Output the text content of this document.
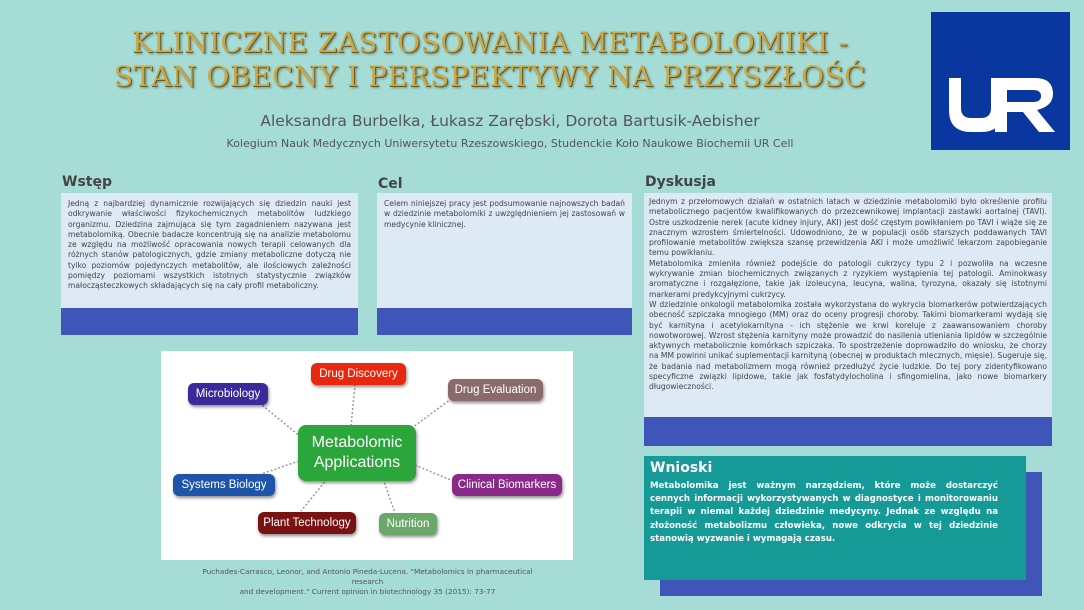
KLINICZNE ZASTOSOWANIA METABOLOMIKI -
STAN OBECNY I PERSPEKTYWY NA PRZYSZŁOŚĆ
Aleksandra Burbelka, Łukasz Zarębski, Dorota Bartusik-Aebisher
Kolegium Nauk Medycznych Uniwersytetu Rzeszowskiego, Studenckie Koło Naukowe Biochemii UR Cell
Wstęp

Jedną z najbardziej dynamicznie rozwijających się dziedzin nauki jest odkrywanie właściwości fizykochemicznych metabolitów ludzkiego organizmu. Dziedzina zajmująca się tym zagadnieniem nazywana jest metabolomiką. Obecnie badacze koncentrują się na analizie metabolomu ze względu na możliwość opracowania nowych terapii celowanych dla różnych stanów patologicznych, gdzie zmiany metaboliczne dotyczą nie tylko poziomów pojedynczych metabolitów, ale ilościowych zależności pomiędzy poziomami wszystkich istotnych statystycznie związków małocząsteczkowych składających się na cały profil metaboliczny.

Cel

Celem niniejszej pracy jest podsumowanie najnowszych badań w dziedzinie metabolomiki z uwzględnieniem jej zastosowań w medycynie klinicznej.

Dyskusja

Jednym z przełomowych działań w ostatnich latach w dziedzinie metabolomiki było określenie profilu metabolicznego pacjentów kwalifikowanych do przezcewnikowej implantacji zastawki aortalnej (TAVI). Ostre uszkodzenie nerek (acute kidney injury, AKI) jest dość częstym powikłaniem po TAVI i wiąże się ze znacznym wzrostem śmiertelności. Udowodniono, że w populacji osób starszych poddawanych TAVI profilowanie metabolitów zwiększa szansę przewidzenia AKI i może umożliwić lekarzom zapobieganie temu powikłaniu.

Metabolomika zmieniła również podejście do patologii cukrzycy typu 2 i pozwoliła na wczesne wykrywanie zmian biochemicznych związanych z ryzykiem wystąpienia tej patologii. Aminokwasy aromatyczne i rozgałęzione, takie jak izoleucyna, leucyna, walina, tyrozyna, okazały się istotnymi markerami predykcyjnymi cukrzycy.

W dziedzinie onkologii metabolomika została wykorzystana do wykrycia biomarkerów potwierdzających obecność szpiczaka mnogiego (MM) oraz do oceny progresji choroby. Takimi biomarkerami wydają się być karnityna i acetylokarnityna - ich stężenie we krwi koreluje z zaawansowaniem choroby nowotworowej. Wzrost stężenia karnityny może prowadzić do nasilenia utleniania lipidów w szczególnie aktywnych metabolicznie komórkach szpiczaka. To spostrzeżenie doprowadziło do wniosku, że chorzy na MM powinni unikać suplementacji karnityną (obecnej w produktach mlecznych, mięsie). Sugeruje się, że badania nad metabolizmem mogą również przedłużyć życie ludzkie. Do tej pory zidentyfikowano specyficzne związki lipidowe, takie jak fosfatydylocholina i sfingomielina, jako nowe biomarkery długowieczności.

Drug Discovery
Microbiology	Drug Evaluation
Metabolomic Applications
Systems Biology	Clinical Biomarkers
Plant Technology	Nutrition
Puchades-Carrasco, Leonor, and Antonio Pineda-Lucena. "Metabolomics in pharmaceutical research
and development." Current opinion in biotechnology 35 (2015): 73-77
Wnioski
Metabolomika jest ważnym narzędziem, które może dostarczyć cennych informacji wykorzystywanych w diagnostyce i monitorowaniu terapii w niemal każdej dziedzinie medycyny. Jednak ze względu na złożoność metabolizmu człowieka, nowe odkrycia w tej dziedzinie stanowią wyzwanie i wymagają czasu.
